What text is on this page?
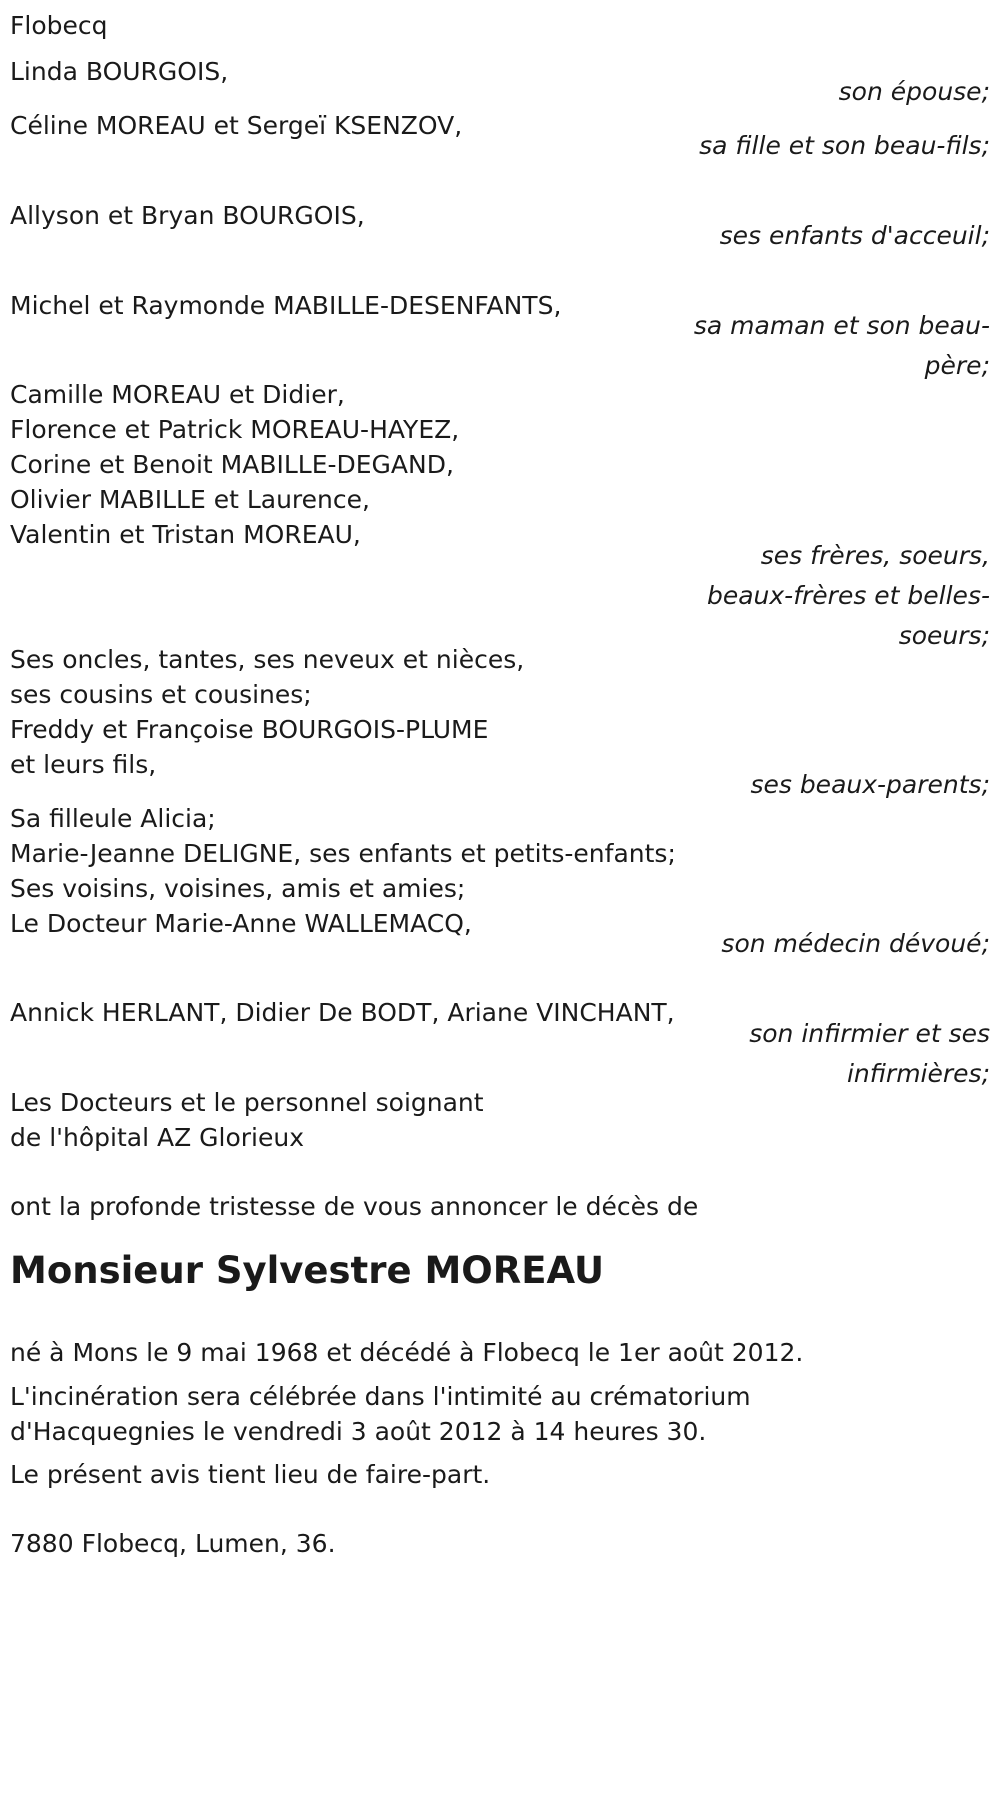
Flobecq
Linda BOURGOIS,
son épouse;
Céline MOREAU et Sergeï KSENZOV,
sa fille et son beau-fils;
Allyson et Bryan BOURGOIS,
ses enfants d'acceuil;
Michel et Raymonde MABILLE-DESENFANTS,
sa maman et son beau-père;
Camille MOREAU et Didier,
Florence et Patrick MOREAU-HAYEZ,
Corine et Benoit MABILLE-DEGAND,
Olivier MABILLE et Laurence,
Valentin et Tristan MOREAU,
ses frères, soeurs, beaux-frères et belles-soeurs;
Ses oncles, tantes, ses neveux et nièces,
ses cousins et cousines;
Freddy et Françoise BOURGOIS-PLUME
et leurs fils,
ses beaux-parents;
Sa filleule Alicia;
Marie-Jeanne DELIGNE, ses enfants et petits-enfants;
Ses voisins, voisines, amis et amies;
Le Docteur Marie-Anne WALLEMACQ,
son médecin dévoué;
Annick HERLANT, Didier De BODT, Ariane VINCHANT,
son infirmier et ses infirmières;
Les Docteurs et le personnel soignant
de l'hôpital AZ Glorieux
ont la profonde tristesse de vous annoncer le décès de
Monsieur Sylvestre MOREAU
né à Mons le 9 mai 1968 et décédé à Flobecq le 1er août 2012.
L'incinération sera célébrée dans l'intimité au crématorium
d'Hacquegnies le vendredi 3 août 2012 à 14 heures 30.
Le présent avis tient lieu de faire-part.
7880 Flobecq, Lumen, 36.
